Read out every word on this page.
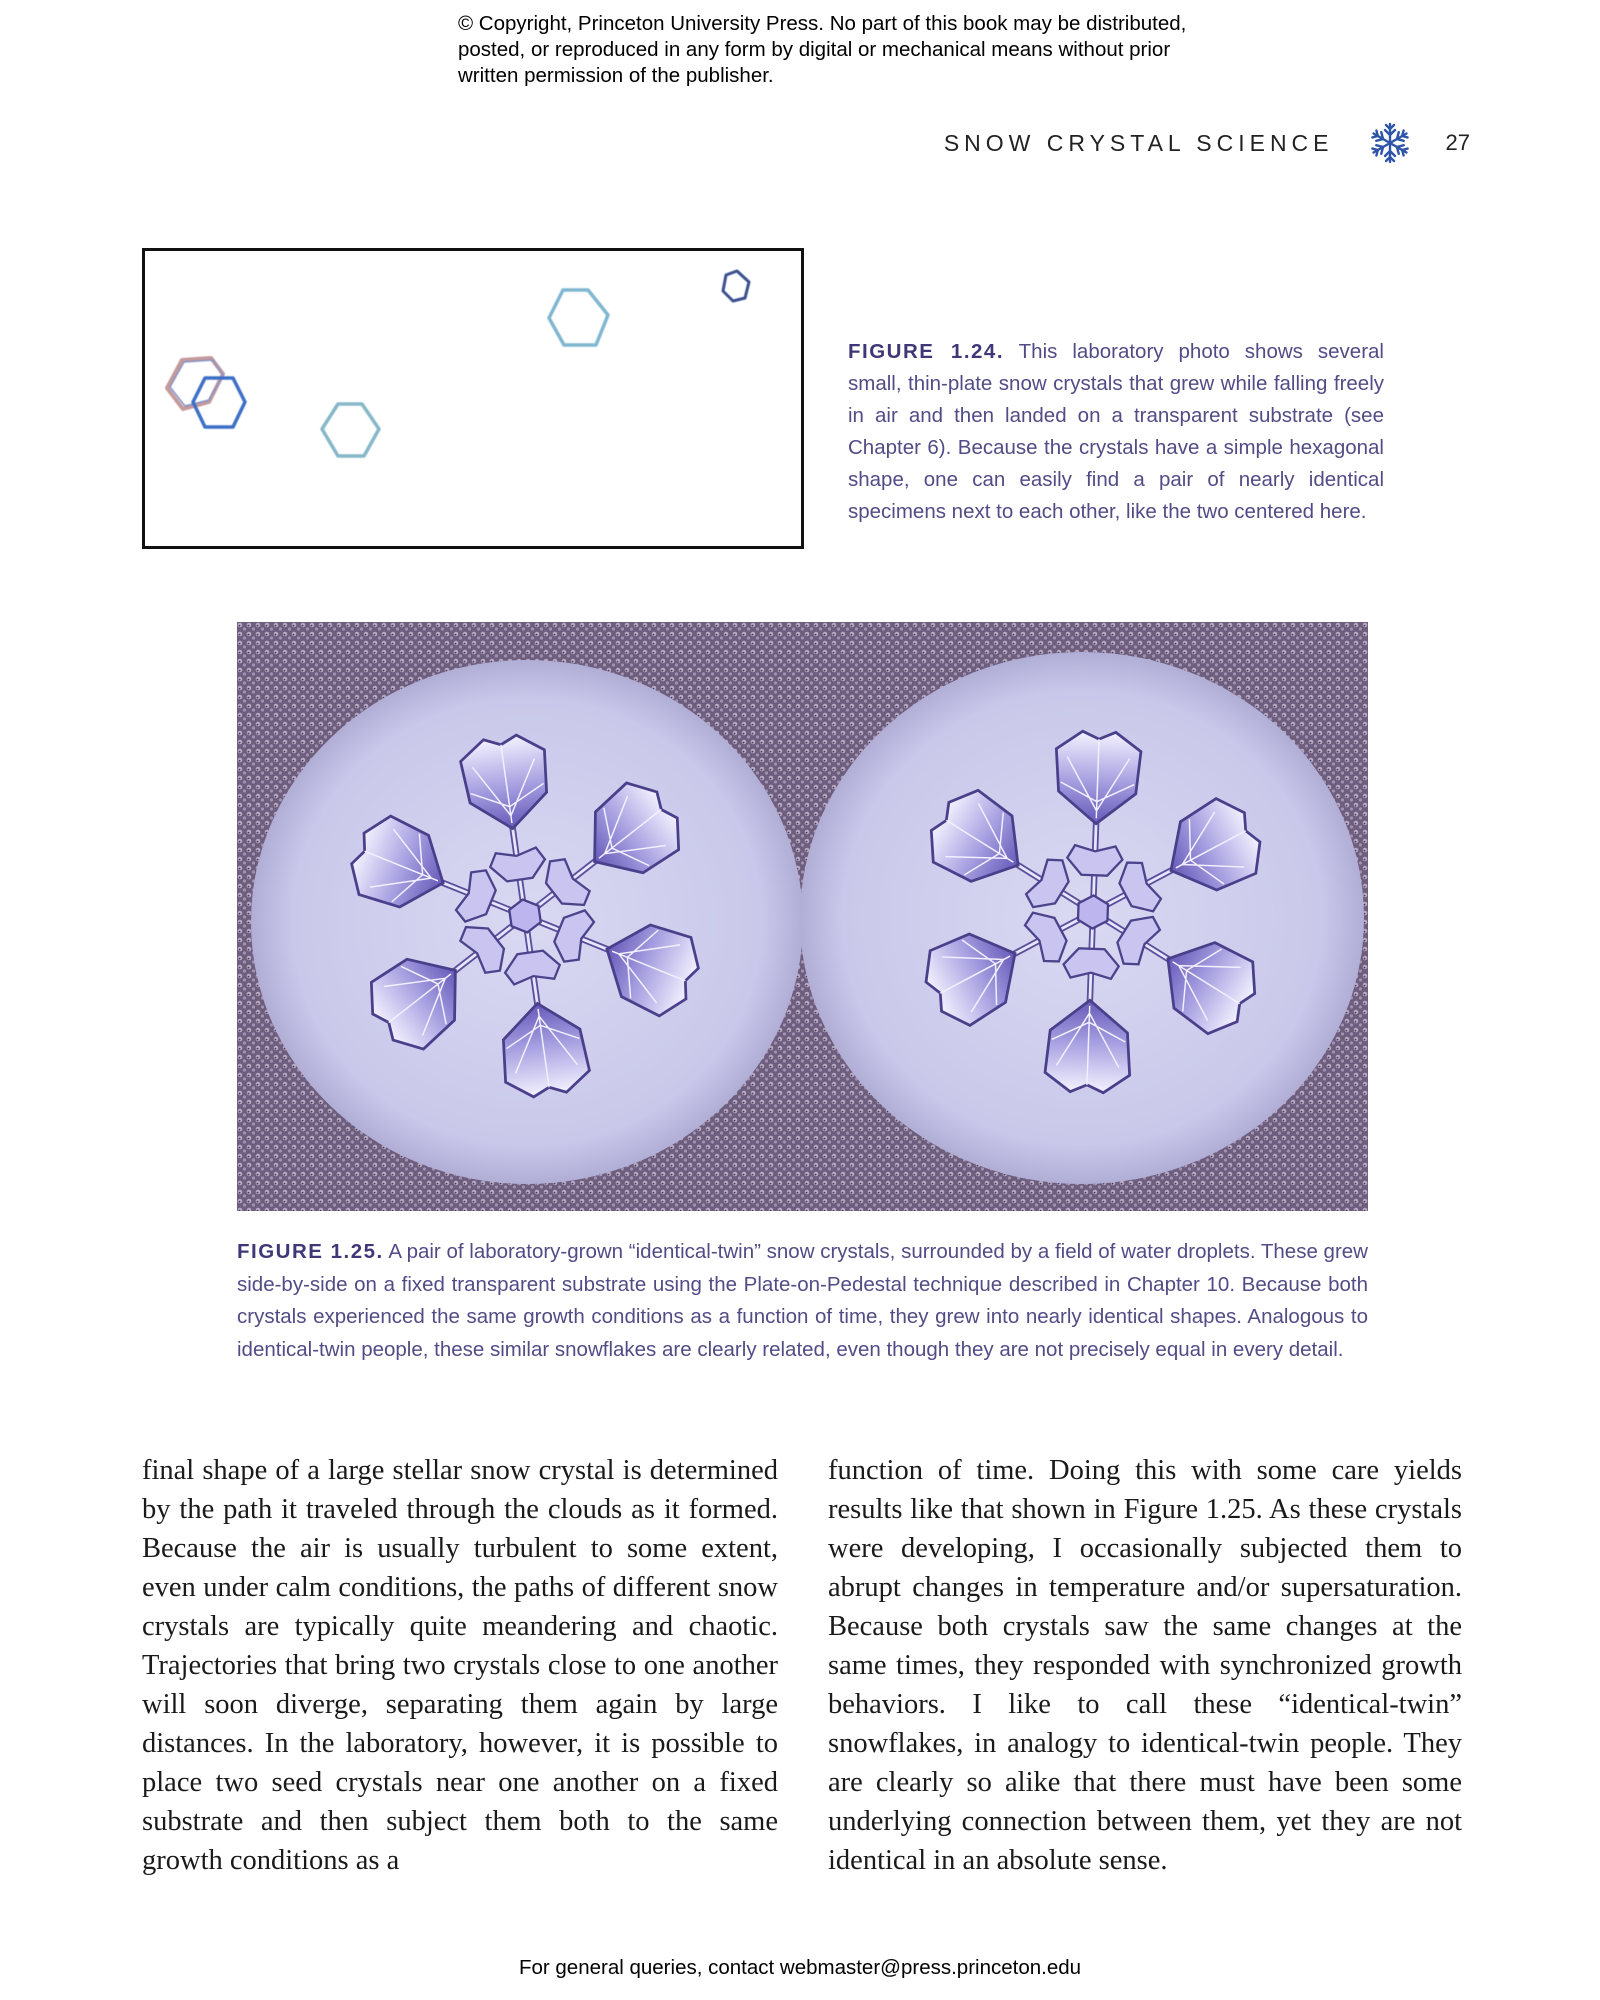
© Copyright, Princeton University Press. No part of this book may be distributed, posted, or reproduced in any form by digital or mechanical means without prior written permission of the publisher.
SNOW CRYSTAL SCIENCE	27
FIGURE 1.24. This laboratory photo shows several small, thin-plate snow crystals that grew while falling freely in air and then landed on a transparent substrate (see Chapter 6). Because the crystals have a simple hexagonal shape, one can easily find a pair of nearly identical specimens next to each other, like the two centered here.
FIGURE 1.25. A pair of laboratory-grown “identical-twin” snow crystals, surrounded by a field of water droplets. These grew side-by-side on a fixed transparent substrate using the Plate-on-Pedestal technique described in Chapter 10. Because both crystals experienced the same growth conditions as a function of time, they grew into nearly identical shapes. Analogous to identical-twin people, these similar snowflakes are clearly related, even though they are not precisely equal in every detail.
final shape of a large stellar snow crystal is determined by the path it traveled through the clouds as it formed. Because the air is usually turbulent to some extent, even under calm conditions, the paths of different snow crystals are typically quite meandering and chaotic. Trajectories that bring two crystals close to one another will soon diverge, separating them again by large distances. In the laboratory, however, it is possible to place two seed crystals near one another on a fixed substrate and then subject them both to the same growth conditions as a
function of time. Doing this with some care yields results like that shown in Figure 1.25. As these crystals were developing, I occasionally subjected them to abrupt changes in temperature and/or supersaturation. Because both crystals saw the same changes at the same times, they responded with synchronized growth behaviors. I like to call these “identical-twin” snowflakes, in analogy to identical-twin people. They are clearly so alike that there must have been some underlying connection between them, yet they are not identical in an absolute sense.
For general queries, contact webmaster@press.princeton.edu
